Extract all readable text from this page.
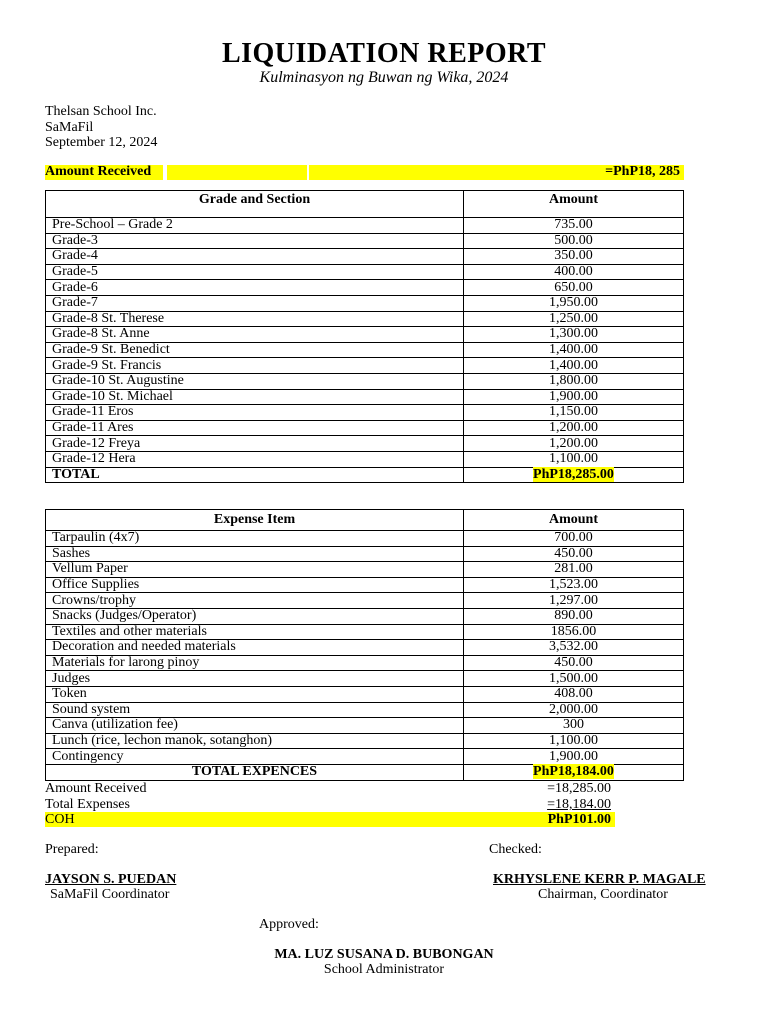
LIQUIDATION REPORT
Kulminasyon ng Buwan ng Wika, 2024
Thelsan School Inc.
SaMaFil
September 12, 2024
Amount Received	=PhP18, 285
Grade and Section	Amount
Pre-School – Grade 2	735.00
Grade-3	500.00
Grade-4	350.00
Grade-5	400.00
Grade-6	650.00
Grade-7	1,950.00
Grade-8 St. Therese	1,250.00
Grade-8 St. Anne	1,300.00
Grade-9 St. Benedict	1,400.00
Grade-9 St. Francis	1,400.00
Grade-10 St. Augustine	1,800.00
Grade-10 St. Michael	1,900.00
Grade-11 Eros	1,150.00
Grade-11 Ares	1,200.00
Grade-12 Freya	1,200.00
Grade-12 Hera	1,100.00
TOTAL	PhP18,285.00
Expense Item	Amount
Tarpaulin (4x7)	700.00
Sashes	450.00
Vellum Paper	281.00
Office Supplies	1,523.00
Crowns/trophy	1,297.00
Snacks (Judges/Operator)	890.00
Textiles and other materials	1856.00
Decoration and needed materials	3,532.00
Materials for larong pinoy	450.00
Judges	1,500.00
Token	408.00
Sound system	2,000.00
Canva (utilization fee)	300
Lunch (rice, lechon manok, sotanghon)	1,100.00
Contingency	1,900.00
TOTAL EXPENCES	PhP18,184.00
Amount Received	=18,285.00
Total Expenses	=18,184.00
COH	PhP101.00
Prepared:
JAYSON S. PUEDAN
SaMaFil Coordinator
Checked:
KRHYSLENE KERR P. MAGALE
Chairman, Coordinator
Approved:
MA. LUZ SUSANA D. BUBONGAN
School Administrator
